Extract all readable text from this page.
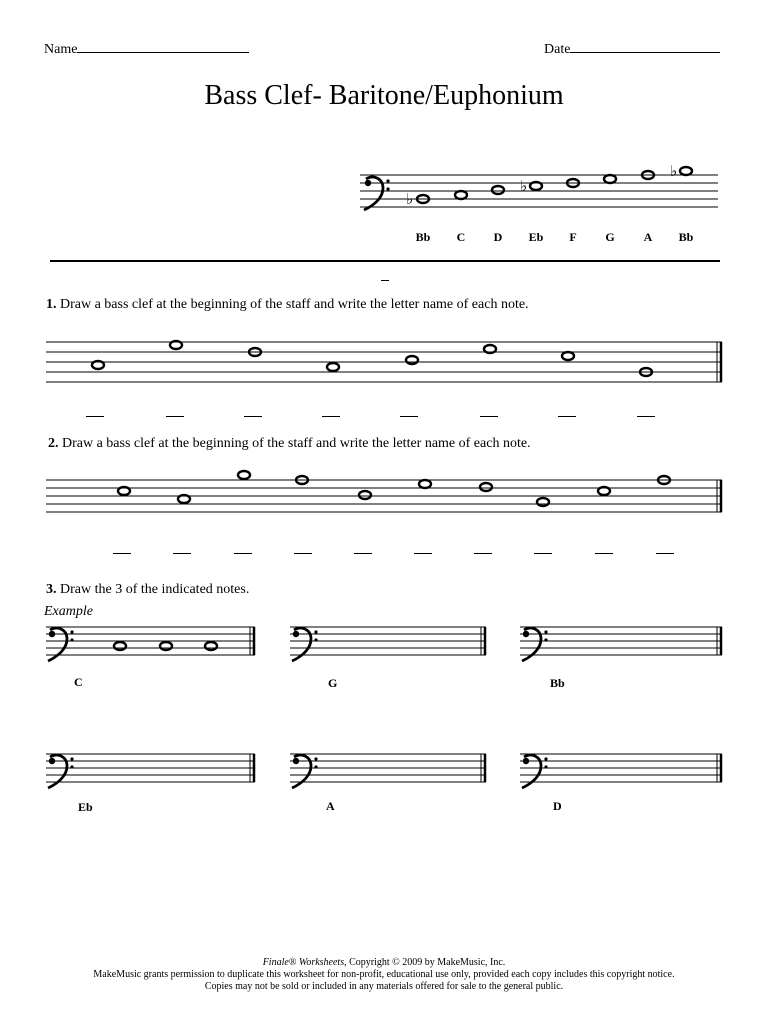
Name	Date
Bass Clef- Baritone/Euphonium
♭
♭
♭
Bb	C	D	Eb	F	G	A	Bb
1. Draw a bass clef at the beginning of the staff and write the letter name of each note.
2. Draw a bass clef at the beginning of the staff and write the letter name of each note.
3. Draw the 3 of the indicated notes.
Example
C	G	Bb
Eb	A	D
Finale® Worksheets, Copyright © 2009 by MakeMusic, Inc.
MakeMusic grants permission to duplicate this worksheet for non-profit, educational use only, provided each copy includes this copyright notice.
Copies may not be sold or included in any materials offered for sale to the general public.
